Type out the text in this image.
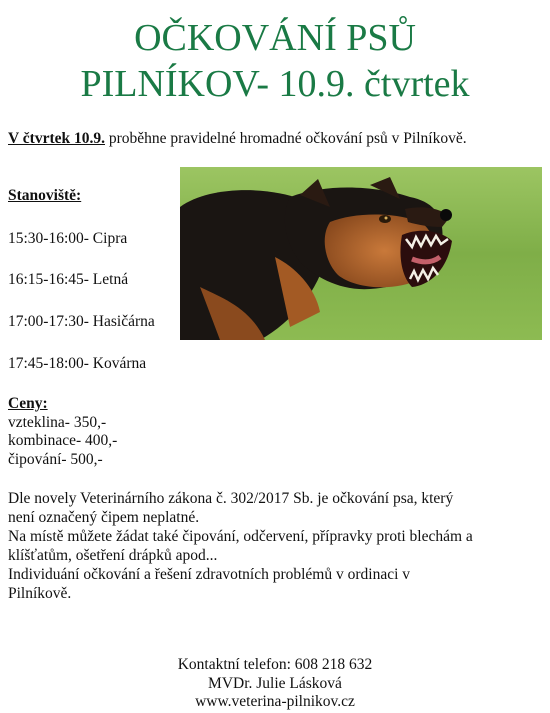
OČKOVÁNÍ PSŮ
PILNÍKOV- 10.9. čtvrtek
V čtvrtek 10.9. proběhne pravidelné hromadné očkování psů v Pilníkově.
Stanoviště:
15:30-16:00- Cipra
16:15-16:45- Letná
17:00-17:30- Hasičárna
17:45-18:00- Kovárna
Ceny:
vzteklina- 350,-
kombinace- 400,-
čipování- 500,-
Dle novely Veterinárního zákona č. 302/2017 Sb. je očkování psa, který
není označený čipem neplatné.
Na místě můžete žádat také čipování, odčervení, přípravky proti blechám a
klíšťatům, ošetření drápků apod...
Individuání očkování a řešení zdravotních problémů v ordinaci v
Pilníkově.
Kontaktní telefon: 608 218 632
MVDr. Julie Lásková
www.veterina-pilnikov.cz
